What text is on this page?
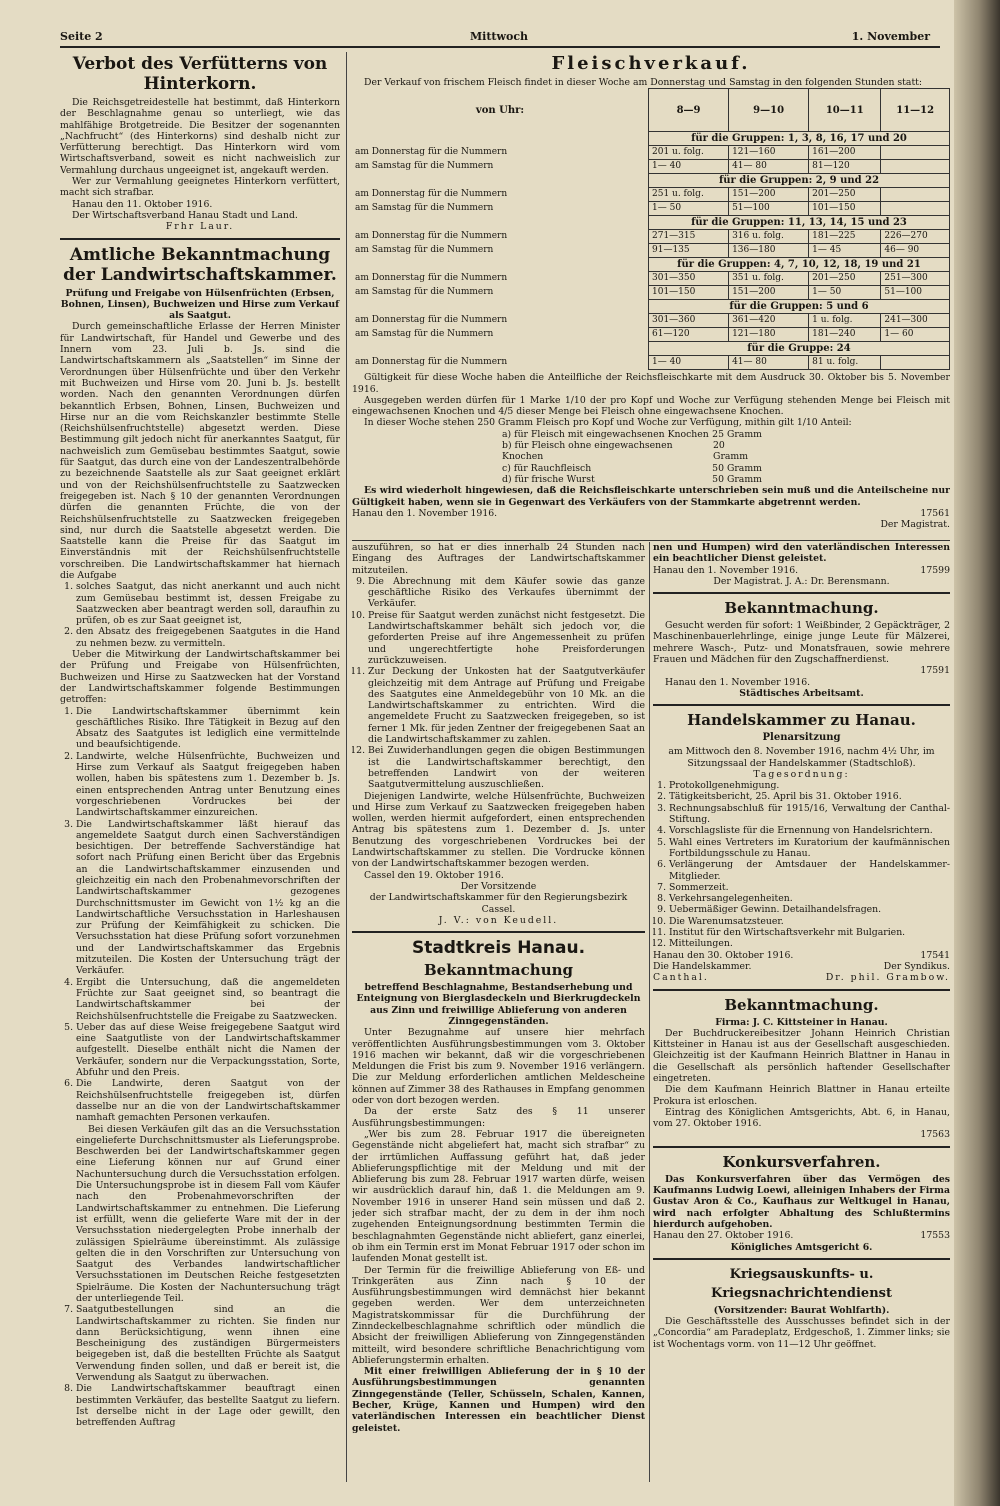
Seite 2	Mittwoch	1. November
Verbot des Verfütterns von Hinterkorn.

Die Reichsgetreidestelle hat bestimmt, daß Hinterkorn der Beschlagnahme genau so unterliegt, wie das mahlfähige Brotgetreide. Die Besitzer der sogenannten „Nachfrucht“ (des Hinterkorns) sind deshalb nicht zur Verfütterung berechtigt. Das Hinterkorn wird vom Wirtschaftsverband, soweit es nicht nachweislich zur Vermahlung durchaus ungeeignet ist, angekauft werden.

Wer zur Vermahlung geeignetes Hinterkorn verfüttert, macht sich strafbar.

Hanau den 11. Oktober 1916.

Der Wirtschaftsverband Hanau Stadt und Land.

Frhr Laur.

Amtliche Bekanntmachung der Landwirtschaftskammer.

Prüfung und Freigabe von Hülsenfrüchten (Erbsen, Bohnen, Linsen), Buchweizen und Hirse zum Verkauf als Saatgut.

Durch gemeinschaftliche Erlasse der Herren Minister für Landwirtschaft, für Handel und Gewerbe und des Innern vom 23. Juli b. Js. sind die Landwirtschaftskammern als „Saatstellen“ im Sinne der Verordnungen über Hülsenfrüchte und über den Verkehr mit Buchweizen und Hirse vom 20. Juni b. Js. bestellt worden. Nach den genannten Verordnungen dürfen bekanntlich Erbsen, Bohnen, Linsen, Buchweizen und Hirse nur an die vom Reichskanzler bestimmte Stelle (Reichshülsenfruchtstelle) abgesetzt werden. Diese Bestimmung gilt jedoch nicht für anerkanntes Saatgut, für nachweislich zum Gemüsebau bestimmtes Saatgut, sowie für Saatgut, das durch eine von der Landeszentralbehörde zu bezeichnende Saatstelle als zur Saat geeignet erklärt und von der Reichshülsenfruchtstelle zu Saatzwecken freigegeben ist. Nach § 10 der genannten Verordnungen dürfen die genannten Früchte, die von der Reichshülsenfruchtstelle zu Saatzwecken freigegeben sind, nur durch die Saatstelle abgesetzt werden. Die Saatstelle kann die Preise für das Saatgut im Einverständnis mit der Reichshülsenfruchtstelle vorschreiben. Die Landwirtschaftskammer hat hiernach die Aufgabe

1. solches Saatgut, das nicht anerkannt und auch nicht zum Gemüsebau bestimmt ist, dessen Freigabe zu Saatzwecken aber beantragt werden soll, daraufhin zu prüfen, ob es zur Saat geeignet ist,
2. den Absatz des freigegebenen Saatgutes in die Hand zu nehmen bezw. zu vermitteln.

Ueber die Mitwirkung der Landwirtschaftskammer bei der Prüfung und Freigabe von Hülsenfrüchten, Buchweizen und Hirse zu Saatzwecken hat der Vorstand der Landwirtschaftskammer folgende Bestimmungen getroffen:

1. Die Landwirtschaftskammer übernimmt kein geschäftliches Risiko. Ihre Tätigkeit in Bezug auf den Absatz des Saatgutes ist lediglich eine vermittelnde und beaufsichtigende.
2. Landwirte, welche Hülsenfrüchte, Buchweizen und Hirse zum Verkauf als Saatgut freigegeben haben wollen, haben bis spätestens zum 1. Dezember b. Js. einen entsprechenden Antrag unter Benutzung eines vorgeschriebenen Vordruckes bei der Landwirtschaftskammer einzureichen.
3. Die Landwirtschaftskammer läßt hierauf das angemeldete Saatgut durch einen Sachverständigen besichtigen. Der betreffende Sachverständige hat sofort nach Prüfung einen Bericht über das Ergebnis an die Landwirtschaftskammer einzusenden und gleichzeitig ein nach den Probenahmevorschriften der Landwirtschaftskammer gezogenes Durchschnittsmuster im Gewicht von 1½ kg an die Landwirtschaftliche Versuchsstation in Harleshausen zur Prüfung der Keimfähigkeit zu schicken. Die Versuchsstation hat diese Prüfung sofort vorzunehmen und der Landwirtschaftskammer das Ergebnis mitzuteilen. Die Kosten der Untersuchung trägt der Verkäufer.
4. Ergibt die Untersuchung, daß die angemeldeten Früchte zur Saat geeignet sind, so beantragt die Landwirtschaftskammer bei der Reichshülsenfruchtstelle die Freigabe zu Saatzwecken.
5. Ueber das auf diese Weise freigegebene Saatgut wird eine Saatgutliste von der Landwirtschaftskammer aufgestellt. Dieselbe enthält nicht die Namen der Verkäufer, sondern nur die Verpackungsstation, Sorte, Abfuhr und den Preis.
6. Die Landwirte, deren Saatgut von der Reichshülsenfruchtstelle freigegeben ist, dürfen dasselbe nur an die von der Landwirtschaftskammer namhaft gemachten Personen verkaufen.

Bei diesen Verkäufen gilt das an die Versuchsstation eingelieferte Durchschnittsmuster als Lieferungsprobe. Beschwerden bei der Landwirtschaftskammer gegen eine Lieferung können nur auf Grund einer Nachuntersuchung durch die Versuchsstation erfolgen. Die Untersuchungsprobe ist in diesem Fall vom Käufer nach den Probenahmevorschriften der Landwirtschaftskammer zu entnehmen. Die Lieferung ist erfüllt, wenn die gelieferte Ware mit der in der Versuchsstation niedergelegten Probe innerhalb der zulässigen Spielräume übereinstimmt. Als zulässige gelten die in den Vorschriften zur Untersuchung von Saatgut des Verbandes landwirtschaftlicher Versuchsstationen im Deutschen Reiche festgesetzten Spielräume. Die Kosten der Nachuntersuchung trägt der unterliegende Teil.

7. Saatgutbestellungen sind an die Landwirtschaftskammer zu richten. Sie finden nur dann Berücksichtigung, wenn ihnen eine Bescheinigung des zuständigen Bürgermeisters beigegeben ist, daß die bestellten Früchte als Saatgut Verwendung finden sollen, und daß er bereit ist, die Verwendung als Saatgut zu überwachen.
8. Die Landwirtschaftskammer beauftragt einen bestimmten Verkäufer, das bestellte Saatgut zu liefern. Ist derselbe nicht in der Lage oder gewillt, den betreffenden Auftrag
Fleischverkauf.

Der Verkauf von frischem Fleisch findet in dieser Woche am Donnerstag und Samstag in den folgenden Stunden statt:

von Uhr:	8—9	9—10	10—11	11—12
	für die Gruppen: 1, 3, 8, 16, 17 und 20			
am Donnerstag für die Nummern	201 u. folg.	121—160	161—200	
am Samstag für die Nummern	1— 40	41— 80	81—120	
	für die Gruppen: 2, 9 und 22			
am Donnerstag für die Nummern	251 u. folg.	151—200	201—250	
am Samstag für die Nummern	1— 50	51—100	101—150	
	für die Gruppen: 11, 13, 14, 15 und 23			
am Donnerstag für die Nummern	271—315	316 u. folg.	181—225	226—270
am Samstag für die Nummern	91—135	136—180	1— 45	46— 90
	für die Gruppen: 4, 7, 10, 12, 18, 19 und 21			
am Donnerstag für die Nummern	301—350	351 u. folg.	201—250	251—300
am Samstag für die Nummern	101—150	151—200	1— 50	51—100
	für die Gruppen: 5 und 6			
am Donnerstag für die Nummern	301—360	361—420	1 u. folg.	241—300
am Samstag für die Nummern	61—120	121—180	181—240	1— 60
	für die Gruppe: 24			
am Donnerstag für die Nummern	1— 40	41— 80	81 u. folg.	

Gültigkeit für diese Woche haben die Anteilfliche der Reichsfleischkarte mit dem Ausdruck 30. Oktober bis 5. November 1916.

Ausgegeben werden dürfen für 1 Marke 1/10 der pro Kopf und Woche zur Verfügung stehenden Menge bei Fleisch mit eingewachsenen Knochen und 4/5 dieser Menge bei Fleisch ohne eingewachsene Knochen.

In dieser Woche stehen 250 Gramm Fleisch pro Kopf und Woche zur Verfügung, mithin gilt 1/10 Anteil:

a) für Fleisch mit eingewachsenen Knochen 25 Gramm
b) für Fleisch ohne eingewachsenen Knochen
20 Gramm
c) für Rauchfleisch	50 Gramm
d) für frische Wurst	50 Gramm

Es wird wiederholt hingewiesen, daß die Reichsfleischkarte unterschrieben sein muß und die Anteilscheine nur Gültigkeit haben, wenn sie in Gegenwart des Verkäufers von der Stammkarte abgetrennt werden.

Hanau den 1. November 1916.	17561

Der Magistrat.

auszuführen, so hat er dies innerhalb 24 Stunden nach Eingang des Auftrages der Landwirtschaftskammer mitzuteilen.

9. Die Abrechnung mit dem Käufer sowie das ganze geschäftliche Risiko des Verkaufes übernimmt der Verkäufer.
10. Preise für Saatgut werden zunächst nicht festgesetzt. Die Landwirtschaftskammer behält sich jedoch vor, die geforderten Preise auf ihre Angemessenheit zu prüfen und ungerechtfertigte hohe Preisforderungen zurückzuweisen.
11. Zur Deckung der Unkosten hat der Saatgutverkäufer gleichzeitig mit dem Antrage auf Prüfung und Freigabe des Saatgutes eine Anmeldegebühr von 10 Mk. an die Landwirtschaftskammer zu entrichten. Wird die angemeldete Frucht zu Saatzwecken freigegeben, so ist ferner 1 Mk. für jeden Zentner der freigegebenen Saat an die Landwirtschaftskammer zu zahlen.
12. Bei Zuwiderhandlungen gegen die obigen Bestimmungen ist die Landwirtschaftskammer berechtigt, den betreffenden Landwirt von der weiteren Saatgutvermittelung auszuschließen.

Diejenigen Landwirte, welche Hülsenfrüchte, Buchweizen und Hirse zum Verkauf zu Saatzwecken freigegeben haben wollen, werden hiermit aufgefordert, einen entsprechenden Antrag bis spätestens zum 1. Dezember d. Js. unter Benutzung des vorgeschriebenen Vordruckes bei der Landwirtschaftskammer zu stellen. Die Vordrucke können von der Landwirtschaftskammer bezogen werden.

Cassel den 19. Oktober 1916.

Der Vorsitzende

der Landwirtschaftskammer für den Regierungsbezirk Cassel.

J. V.: von Keudell.

Stadtkreis Hanau.
Bekanntmachung

betreffend Beschlagnahme, Bestandserhebung und Enteignung von Bierglasdeckeln und Bierkrugdeckeln aus Zinn und freiwillige Ablieferung von anderen Zinngegenständen.

Unter Bezugnahme auf unsere hier mehrfach veröffentlichten Ausführungsbestimmungen vom 3. Oktober 1916 machen wir bekannt, daß wir die vorgeschriebenen Meldungen die Frist bis zum 9. November 1916 verlängern. Die zur Meldung erforderlichen amtlichen Meldescheine können auf Zimmer 38 des Rathauses in Empfang genommen oder von dort bezogen werden.

Da der erste Satz des § 11 unserer Ausführungsbestimmungen:

„Wer bis zum 28. Februar 1917 die übereigneten Gegenstände nicht abgeliefert hat, macht sich strafbar“ zu der irrtümlichen Auffassung geführt hat, daß jeder Ablieferungspflichtige mit der Meldung und mit der Ablieferung bis zum 28. Februar 1917 warten dürfe, weisen wir ausdrücklich darauf hin, daß 1. die Meldungen am 9. November 1916 in unserer Hand sein müssen und daß 2. jeder sich strafbar macht, der zu dem in der ihm noch zugehenden Enteignungsordnung bestimmten Termin die beschlagnahmten Gegenstände nicht abliefert, ganz einerlei, ob ihm ein Termin erst im Monat Februar 1917 oder schon im laufenden Monat gestellt ist.

Der Termin für die freiwillige Ablieferung von Eß- und Trinkgeräten aus Zinn nach § 10 der Ausführungsbestimmungen wird demnächst hier bekannt gegeben werden. Wer dem unterzeichneten Magistratskommissar für die Durchführung der Zinndeckelbeschlagnahme schriftlich oder mündlich die Absicht der freiwilligen Ablieferung von Zinngegenständen mitteilt, wird besondere schriftliche Benachrichtigung vom Ablieferungstermin erhalten.

Mit einer freiwilligen Ablieferung der in § 10 der Ausführungsbestimmungen genannten Zinngegenstände (Teller, Schüsseln, Schalen, Kannen, Becher, Krüge, Kannen und Humpen) wird den vaterländischen Interessen ein beachtlicher Dienst geleistet.

nen und Humpen) wird den vaterländischen Interessen ein beachtlicher Dienst geleistet.

Hanau den 1. November 1916.	17599

Der Magistrat. J. A.: Dr. Berensmann.

Bekanntmachung.

Gesucht werden für sofort: 1 Weißbinder, 2 Gepäckträger, 2 Maschinenbauerlehrlinge, einige junge Leute für Mälzerei, mehrere Wasch-, Putz- und Monatsfrauen, sowie mehrere Frauen und Mädchen für den Zugschaffnerdienst.

17591

Hanau den 1. November 1916.

Städtisches Arbeitsamt.

Handelskammer zu Hanau.
Plenarsitzung

am Mittwoch den 8. November 1916, nachm 4½ Uhr, im Sitzungssaal der Handelskammer (Stadtschloß).

Tagesordnung:

1. Protokollgenehmigung.
2. Tätigkeitsbericht, 25. April bis 31. Oktober 1916.
3. Rechnungsabschluß für 1915/16, Verwaltung der Canthal-Stiftung.
4. Vorschlagsliste für die Ernennung von Handelsrichtern.
5. Wahl eines Vertreters im Kuratorium der kaufmännischen Fortbildungsschule zu Hanau.
6. Verlängerung der Amtsdauer der Handelskammer-Mitglieder.
7. Sommerzeit.
8. Verkehrsangelegenheiten.
9. Uebermäßiger Gewinn. Detailhandelsfragen.
10. Die Warenumsatzsteuer.
11. Institut für den Wirtschaftsverkehr mit Bulgarien.
12. Mitteilungen.
Hanau den 30. Oktober 1916.	17541
Die Handelskammer.	Der Syndikus.
Canthal.	Dr. phil. Grambow.
Bekanntmachung.

Firma: J. C. Kittsteiner in Hanau.

Der Buchdruckereibesitzer Johann Heinrich Christian Kittsteiner in Hanau ist aus der Gesellschaft ausgeschieden. Gleichzeitig ist der Kaufmann Heinrich Blattner in Hanau in die Gesellschaft als persönlich haftender Gesellschafter eingetreten.

Die dem Kaufmann Heinrich Blattner in Hanau erteilte Prokura ist erloschen.

Eintrag des Königlichen Amtsgerichts, Abt. 6, in Hanau, vom 27. Oktober 1916.

17563

Konkursverfahren.

Das Konkursverfahren über das Vermögen des Kaufmanns Ludwig Loewi, alleinigen Inhabers der Firma Gustav Aron & Co., Kaufhaus zur Weltkugel in Hanau, wird nach erfolgter Abhaltung des Schlußtermins hierdurch aufgehoben.

Hanau den 27. Oktober 1916.	17553

Königliches Amtsgericht 6.

Kriegsauskunfts- u. Kriegsnachrichtendienst

(Vorsitzender: Baurat Wohlfarth).

Die Geschäftsstelle des Ausschusses befindet sich in der „Concordia“ am Paradeplatz, Erdgeschoß, 1. Zimmer links; sie ist Wochentags vorm. von 11—12 Uhr geöffnet.
